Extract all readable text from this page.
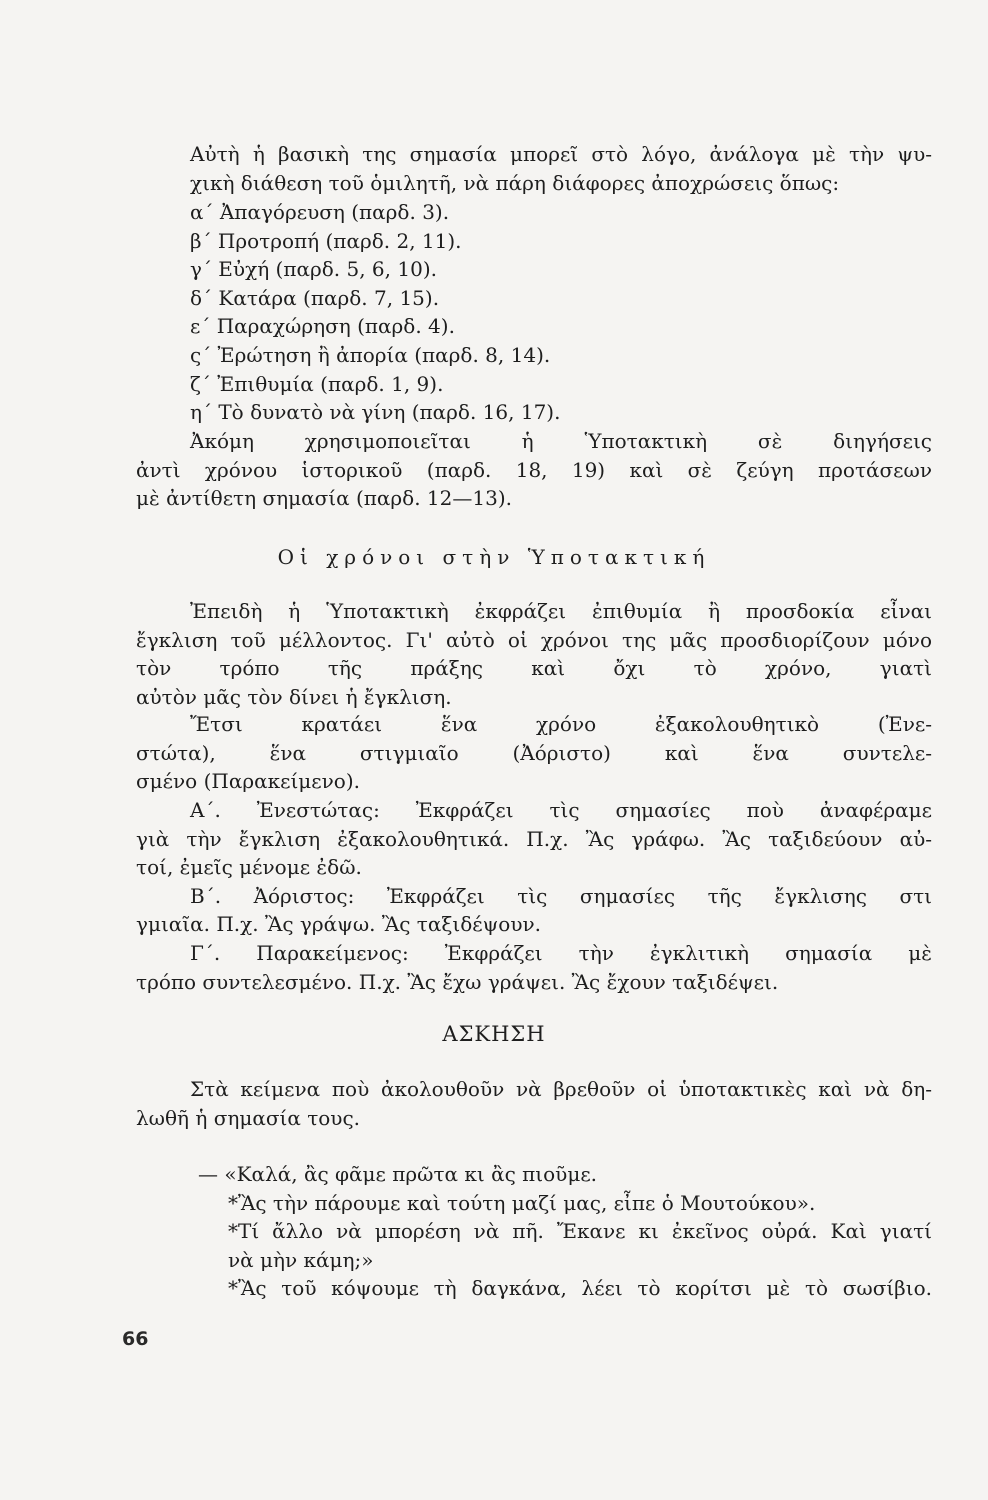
Αὐτὴ ἡ βασικὴ της σημασία μπορεῖ στὸ λόγο, ἀνάλογα μὲ τὴν ψυ-
χικὴ διάθεση τοῦ ὁμιλητῆ, νὰ πάρη διάφορες ἀποχρώσεις ὅπως:
α΄ Ἀπαγόρευση (παρδ. 3).
β΄ Προτροπή (παρδ. 2, 11).
γ΄ Εὐχή (παρδ. 5, 6, 10).
δ΄ Κατάρα (παρδ. 7, 15).
ε΄ Παραχώρηση (παρδ. 4).
ς΄ Ἐρώτηση ἢ ἀπορία (παρδ. 8, 14).
ζ΄ Ἐπιθυμία (παρδ. 1, 9).
η΄ Τὸ δυνατὸ νὰ γίνη (παρδ. 16, 17).
Ἀκόμη χρησιμοποιεῖται ἡ Ὑποτακτικὴ σὲ διηγήσεις
ἀντὶ χρόνου ἱστορικοῦ (παρδ. 18, 19) καὶ σὲ ζεύγη προτάσεων
μὲ ἀντίθετη σημασία (παρδ. 12—13).
Οἱ χρόνοι στὴν Ὑποτακτική
Ἐπειδὴ ἡ Ὑποτακτικὴ ἐκφράζει ἐπιθυμία ἢ προσδοκία εἶναι
ἔγκλιση τοῦ μέλλοντος. Γι' αὐτὸ οἱ χρόνοι της μᾶς προσδιορίζουν μόνο
τὸν τρόπο τῆς πράξης καὶ ὄχι τὸ χρόνο, γιατὶ
αὐτὸν μᾶς τὸν δίνει ἡ ἔγκλιση.
Ἔτσι κρατάει ἕνα χρόνο ἐξακολουθητικὸ (Ἐνε-
στώτα), ἕνα στιγμιαῖο (Ἀόριστο) καὶ ἕνα συντελε-
σμένο (Παρακείμενο).
Α΄. Ἐνεστώτας: Ἐκφράζει τὶς σημασίες ποὺ ἀναφέραμε
γιὰ τὴν ἔγκλιση ἐξακολουθητικά. Π.χ. Ἂς γράφω. Ἂς ταξιδεύουν αὐ-
τοί, ἐμεῖς μένομε ἐδῶ.
Β΄. Ἀόριστος: Ἐκφράζει τὶς σημασίες τῆς ἔγκλισης στι
γμιαῖα. Π.χ. Ἂς γράψω. Ἂς ταξιδέψουν.
Γ΄. Παρακείμενος: Ἐκφράζει τὴν ἐγκλιτικὴ σημασία μὲ
τρόπο συντελεσμένο. Π.χ. Ἂς ἔχω γράψει. Ἂς ἔχουν ταξιδέψει.
ΑΣΚΗΣΗ
Στὰ κείμενα ποὺ ἀκολουθοῦν νὰ βρεθοῦν οἱ ὑποτακτικὲς καὶ νὰ δη-
λωθῆ ἡ σημασία τους.
— «Καλά, ἂς φᾶμε πρῶτα κι ἂς πιοῦμε.
*Ἂς τὴν πάρουμε καὶ τούτη μαζί μας, εἶπε ὁ Μουτούκου».
*Τί ἄλλο νὰ μπορέση νὰ πῆ. Ἔκανε κι ἐκεῖνος οὐρά. Καὶ γιατί
νὰ μὴν κάμη;»
*Ἂς τοῦ κόψουμε τὴ δαγκάνα, λέει τὸ κορίτσι μὲ τὸ σωσίβιο.
66
